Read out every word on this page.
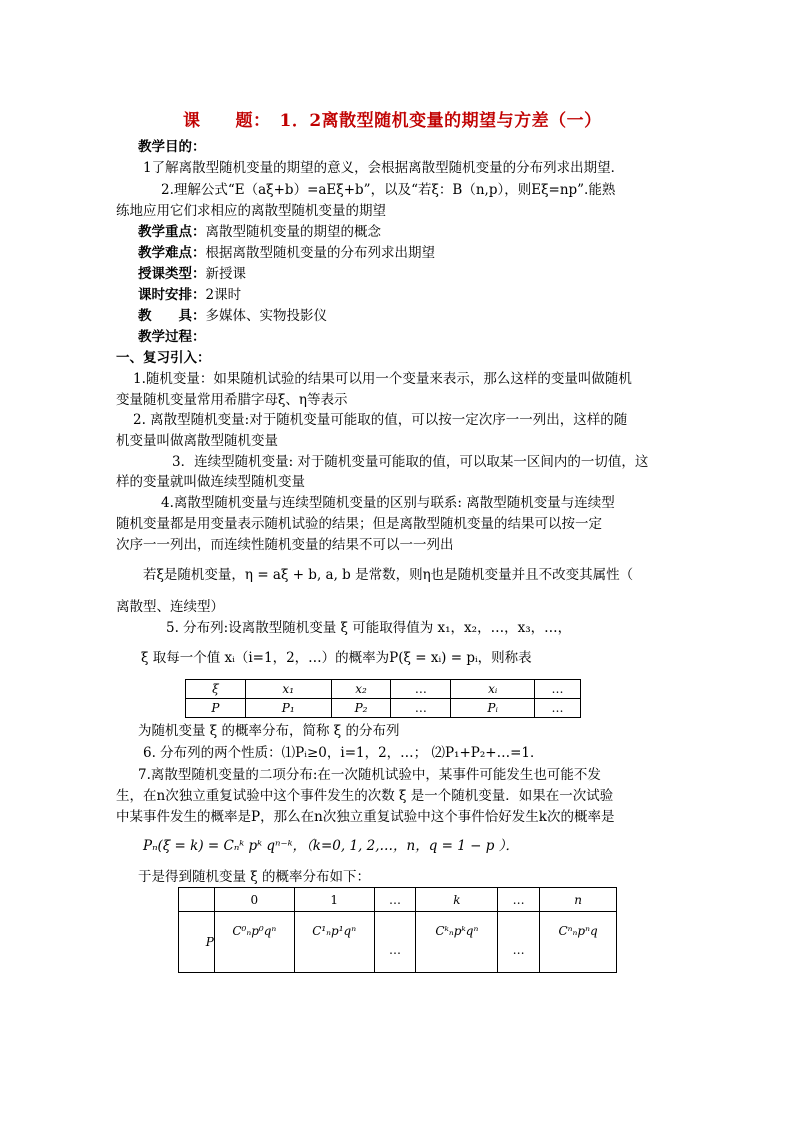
课　　题：　1．2离散型随机变量的期望与方差（一）
教学目的：
1了解离散型随机变量的期望的意义，会根据离散型随机变量的分布列求出期望．
2.理解公式“E（aξ+b）=aEξ+b”，以及“若ξ：B（n,p），则Eξ=np”.能熟
练地应用它们求相应的离散型随机变量的期望
教学重点：离散型随机变量的期望的概念
教学难点：根据离散型随机变量的分布列求出期望
授课类型：新授课
课时安排：2课时
教　　具：多媒体、实物投影仪
教学过程：
一、复习引入：
1.随机变量：如果随机试验的结果可以用一个变量来表示，那么这样的变量叫做随机
变量随机变量常用希腊字母ξ、η等表示
2. 离散型随机变量:对于随机变量可能取的值，可以按一定次序一一列出，这样的随
机变量叫做离散型随机变量
3．连续型随机变量: 对于随机变量可能取的值，可以取某一区间内的一切值，这
样的变量就叫做连续型随机变量
4.离散型随机变量与连续型随机变量的区别与联系: 离散型随机变量与连续型
随机变量都是用变量表示随机试验的结果；但是离散型随机变量的结果可以按一定
次序一一列出，而连续性随机变量的结果不可以一一列出
若ξ是随机变量，η = aξ + b, a, b 是常数，则η也是随机变量并且不改变其属性（
离散型、连续型）
5. 分布列:设离散型随机变量 ξ 可能取得值为 x₁，x₂，…，x₃，…，
ξ 取每一个值 xᵢ（i=1，2，…）的概率为P(ξ = xᵢ) = pᵢ，则称表
ξ	x₁	x₂	…	xᵢ	…
P	P₁	P₂	…	Pᵢ	…
为随机变量 ξ 的概率分布，简称 ξ 的分布列
6. 分布列的两个性质：⑴Pᵢ≥0，i=1，2，…； ⑵P₁+P₂+…=1．
7.离散型随机变量的二项分布:在一次随机试验中，某事件可能发生也可能不发
生，在n次独立重复试验中这个事件发生的次数 ξ 是一个随机变量．如果在一次试验
中某事件发生的概率是P，那么在n次独立重复试验中这个事件恰好发生k次的概率是
Pₙ(ξ = k) = Cₙᵏ pᵏ qⁿ⁻ᵏ，（k=0, 1, 2,…，n，q = 1 − p ）．
于是得到随机变量 ξ 的概率分布如下：
	0	1	…	k	…	n
P	C⁰ₙp⁰qⁿ	C¹ₙp¹qⁿ	…	Cᵏₙpᵏqⁿ	…	Cⁿₙpⁿq
